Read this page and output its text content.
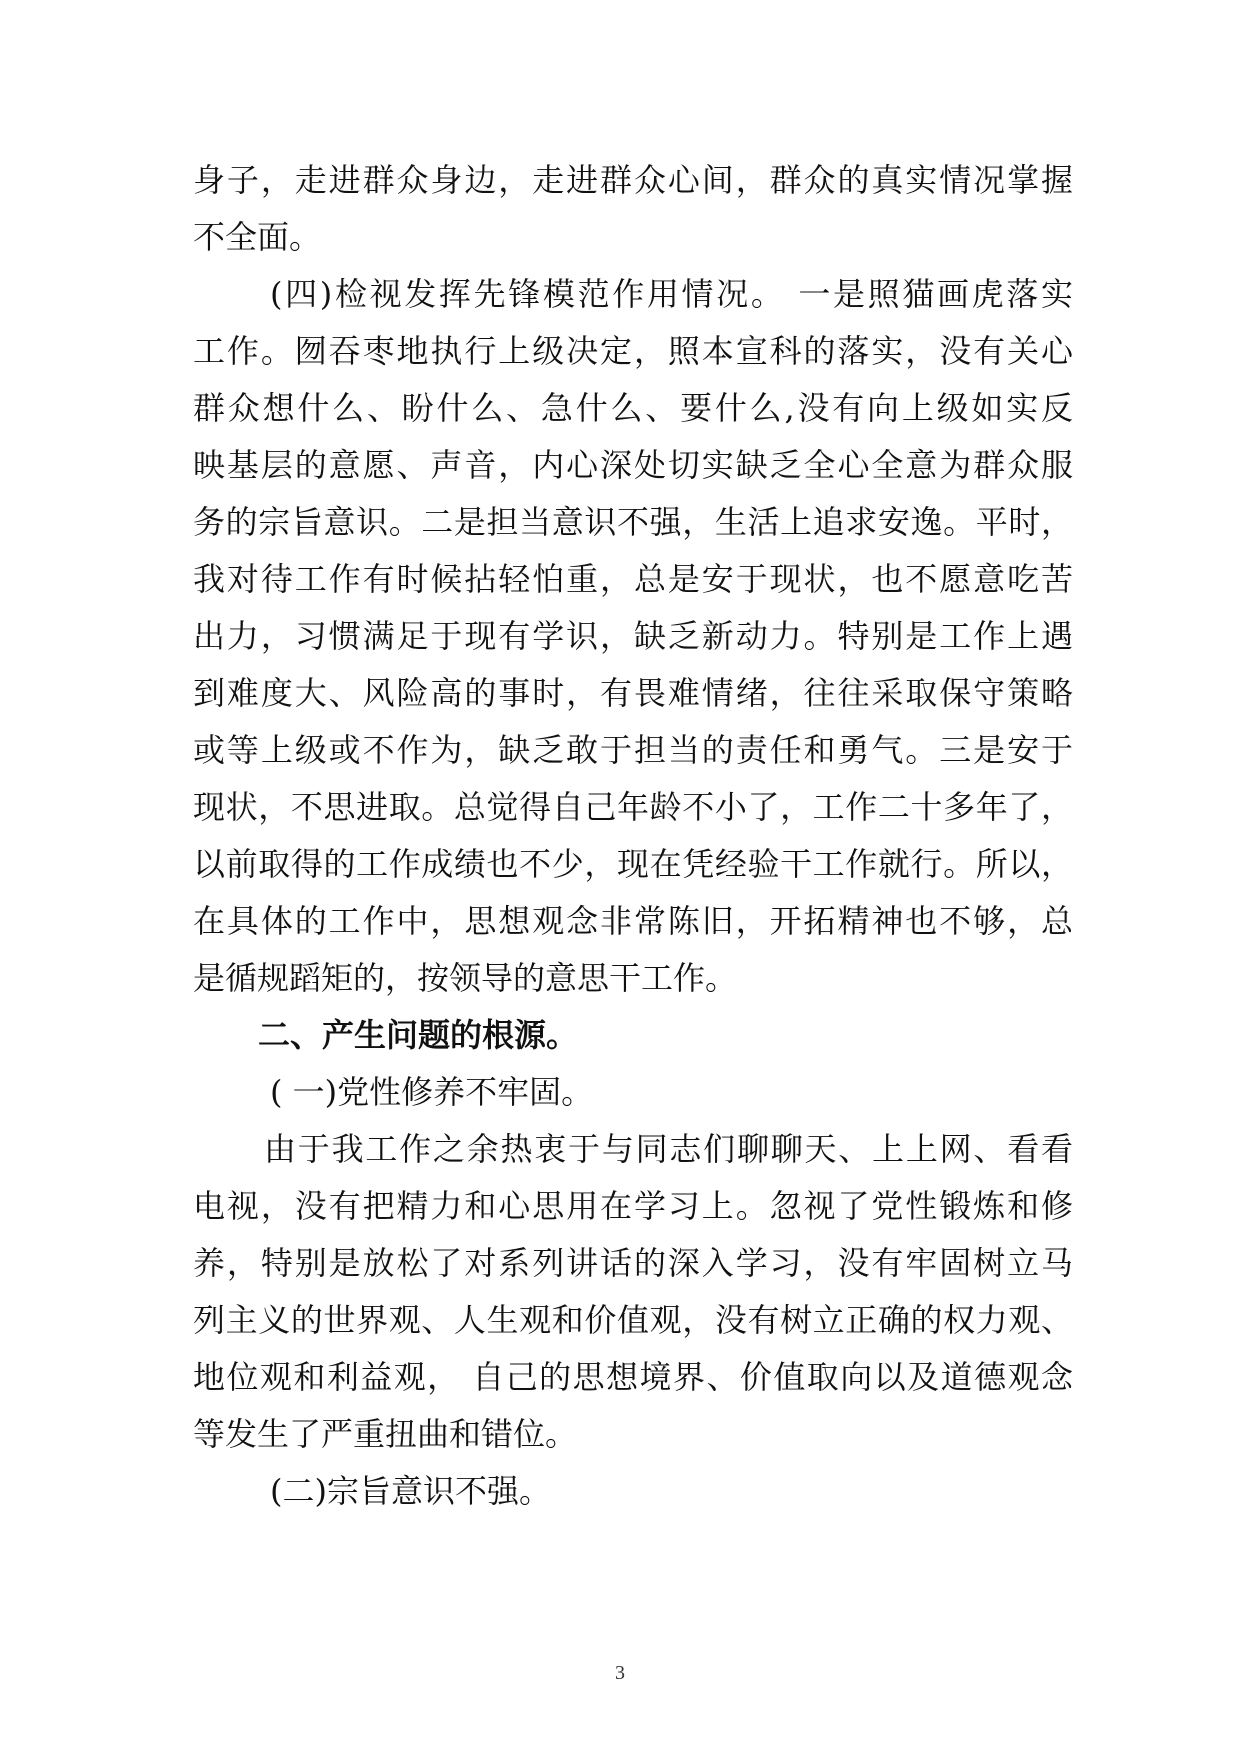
身子，走进群众身边，走进群众心间，群众的真实情况掌握
不全面。
(四)检视发挥先锋模范作用情况。 一是照猫画虎落实
工作。囫吞枣地执行上级决定，照本宣科的落实，没有关心
群众想什么、盼什么、急什么、要什么,没有向上级如实反
映基层的意愿、声音，内心深处切实缺乏全心全意为群众服
务的宗旨意识。二是担当意识不强，生活上追求安逸。平时，
我对待工作有时候拈轻怕重，总是安于现状，也不愿意吃苦
出力，习惯满足于现有学识，缺乏新动力。特别是工作上遇
到难度大、风险高的事时，有畏难情绪，往往采取保守策略
或等上级或不作为，缺乏敢于担当的责任和勇气。三是安于
现状，不思进取。总觉得自己年龄不小了，工作二十多年了，
以前取得的工作成绩也不少，现在凭经验干工作就行。所以，
在具体的工作中，思想观念非常陈旧，开拓精神也不够，总
是循规蹈矩的，按领导的意思干工作。
二、产生问题的根源。
( 一)党性修养不牢固。
由于我工作之余热衷于与同志们聊聊天、上上网、看看
电视，没有把精力和心思用在学习上。忽视了党性锻炼和修
养，特别是放松了对系列讲话的深入学习，没有牢固树立马
列主义的世界观、人生观和价值观，没有树立正确的权力观、
地位观和利益观， 自己的思想境界、价值取向以及道德观念
等发生了严重扭曲和错位。
(二)宗旨意识不强。
3
